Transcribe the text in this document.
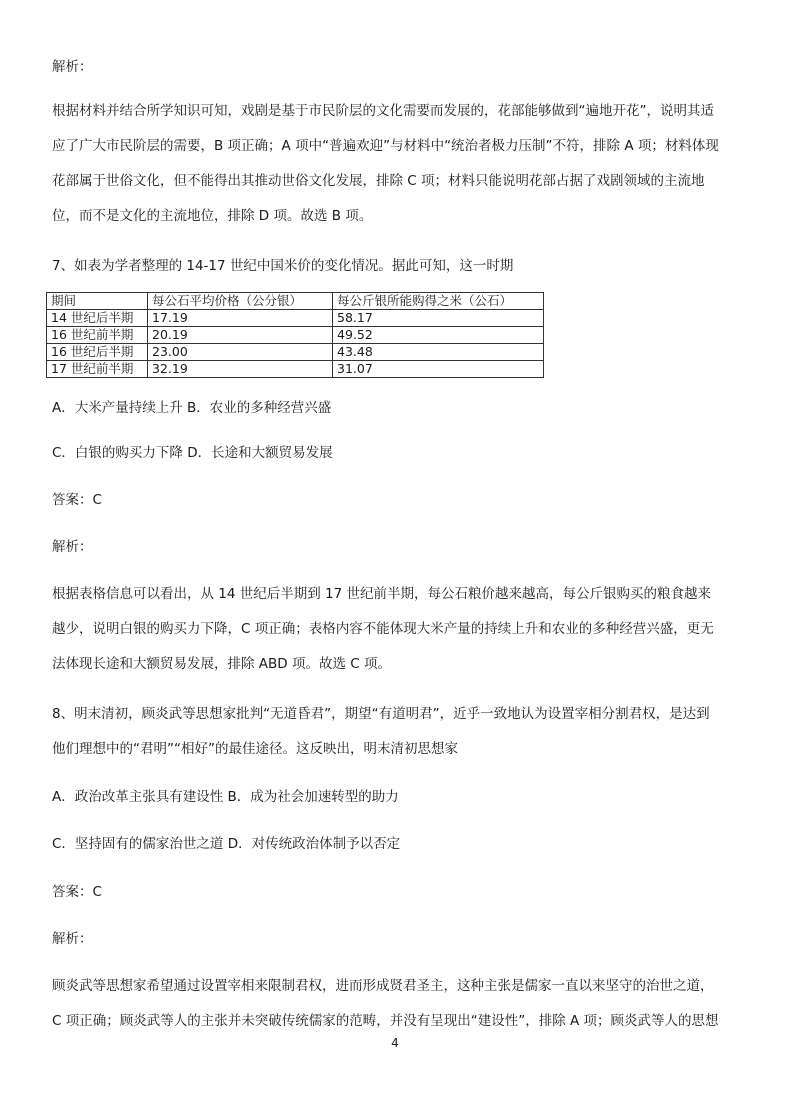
解析：
根据材料并结合所学知识可知，戏剧是基于市民阶层的文化需要而发展的，花部能够做到“遍地开花”，说明其适
应了广大市民阶层的需要，B 项正确；A 项中“普遍欢迎”与材料中“统治者极力压制”不符，排除 A 项；材料体现
花部属于世俗文化，但不能得出其推动世俗文化发展，排除 C 项；材料只能说明花部占据了戏剧领域的主流地
位，而不是文化的主流地位，排除 D 项。故选 B 项。
7、如表为学者整理的 14-17 世纪中国米价的变化情况。据此可知，这一时期
期间	每公石平均价格（公分银）	每公斤银所能购得之米（公石）
14 世纪后半期	17.19	58.17
16 世纪前半期	20.19	49.52
16 世纪后半期	23.00	43.48
17 世纪前半期	32.19	31.07
A．大米产量持续上升 B．农业的多种经营兴盛
C．白银的购买力下降 D．长途和大额贸易发展
答案：C
解析：
根据表格信息可以看出，从 14 世纪后半期到 17 世纪前半期，每公石粮价越来越高，每公斤银购买的粮食越来
越少，说明白银的购买力下降，C 项正确；表格内容不能体现大米产量的持续上升和农业的多种经营兴盛，更无
法体现长途和大额贸易发展，排除 ABD 项。故选 C 项。
8、明末清初，顾炎武等思想家批判“无道昏君”，期望“有道明君”，近乎一致地认为设置宰相分割君权，是达到
他们理想中的“君明”“相好”的最佳途径。这反映出，明末清初思想家
A．政治改革主张具有建设性 B．成为社会加速转型的助力
C．坚持固有的儒家治世之道 D．对传统政治体制予以否定
答案：C
解析：
顾炎武等思想家希望通过设置宰相来限制君权，进而形成贤君圣主，这种主张是儒家一直以来坚守的治世之道，
C 项正确；顾炎武等人的主张并未突破传统儒家的范畴，并没有呈现出“建设性”，排除 A 项；顾炎武等人的思想
4
